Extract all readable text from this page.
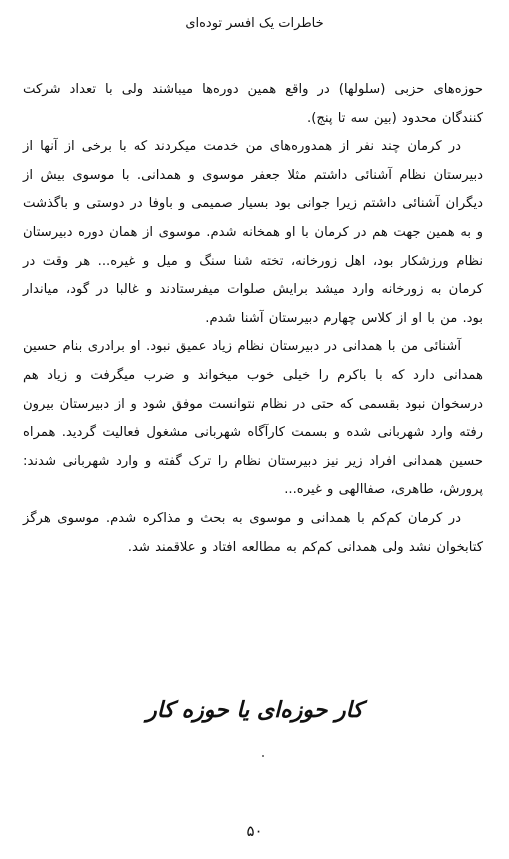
خاطرات یک افسر توده‌ای

حوزه‌های حزبی (سلولها) در واقع همین دوره‌ها میباشند ولی با تعداد شرکت کنندگان محدود (بین سه تا پنج).

در کرمان چند نفر از همدوره‌های من خدمت میکردند که با برخی از آنها از دبیرستان نظام آشنائی داشتم مثلا جعفر موسوی و همدانی. با موسوی بیش از دیگران آشنائی داشتم زیرا جوانی بود بسیار صمیمی و باوفا در دوستی و باگذشت و به همین جهت هم در کرمان با او همخانه شدم. موسوی از همان دوره دبیرستان نظام ورزشکار بود، اهل زورخانه، تخته شنا سنگ و میل و غیره... هر وقت در کرمان به زورخانه وارد میشد برایش صلوات میفرستادند و غالبا در گود، میاندار بود. من با او از کلاس چهارم دبیرستان آشنا شدم.

آشنائی من با همدانی در دبیرستان نظام زیاد عمیق نبود. او برادری بنام حسین همدانی دارد که با باکرم را خیلی خوب میخواند و ضرب میگرفت و زیاد هم درسخوان نبود بقسمی که حتی در نظام نتوانست موفق شود و از دبیرستان بیرون رفته وارد شهربانی شده و بسمت کارآگاه شهربانی مشغول فعالیت گردید. همراه حسین همدانی افراد زیر نیز دبیرستان نظام را ترک گفته و وارد شهربانی شدند: پرورش، طاهری، صفاالهی و غیره...

در کرمان کم‌کم با همدانی و موسوی به بحث و مذاکره شدم. موسوی هرگز کتابخوان نشد ولی همدانی کم‌کم به مطالعه افتاد و علاقمند شد.

کار حوزه‌ای یا حوزه کار
۵۰
